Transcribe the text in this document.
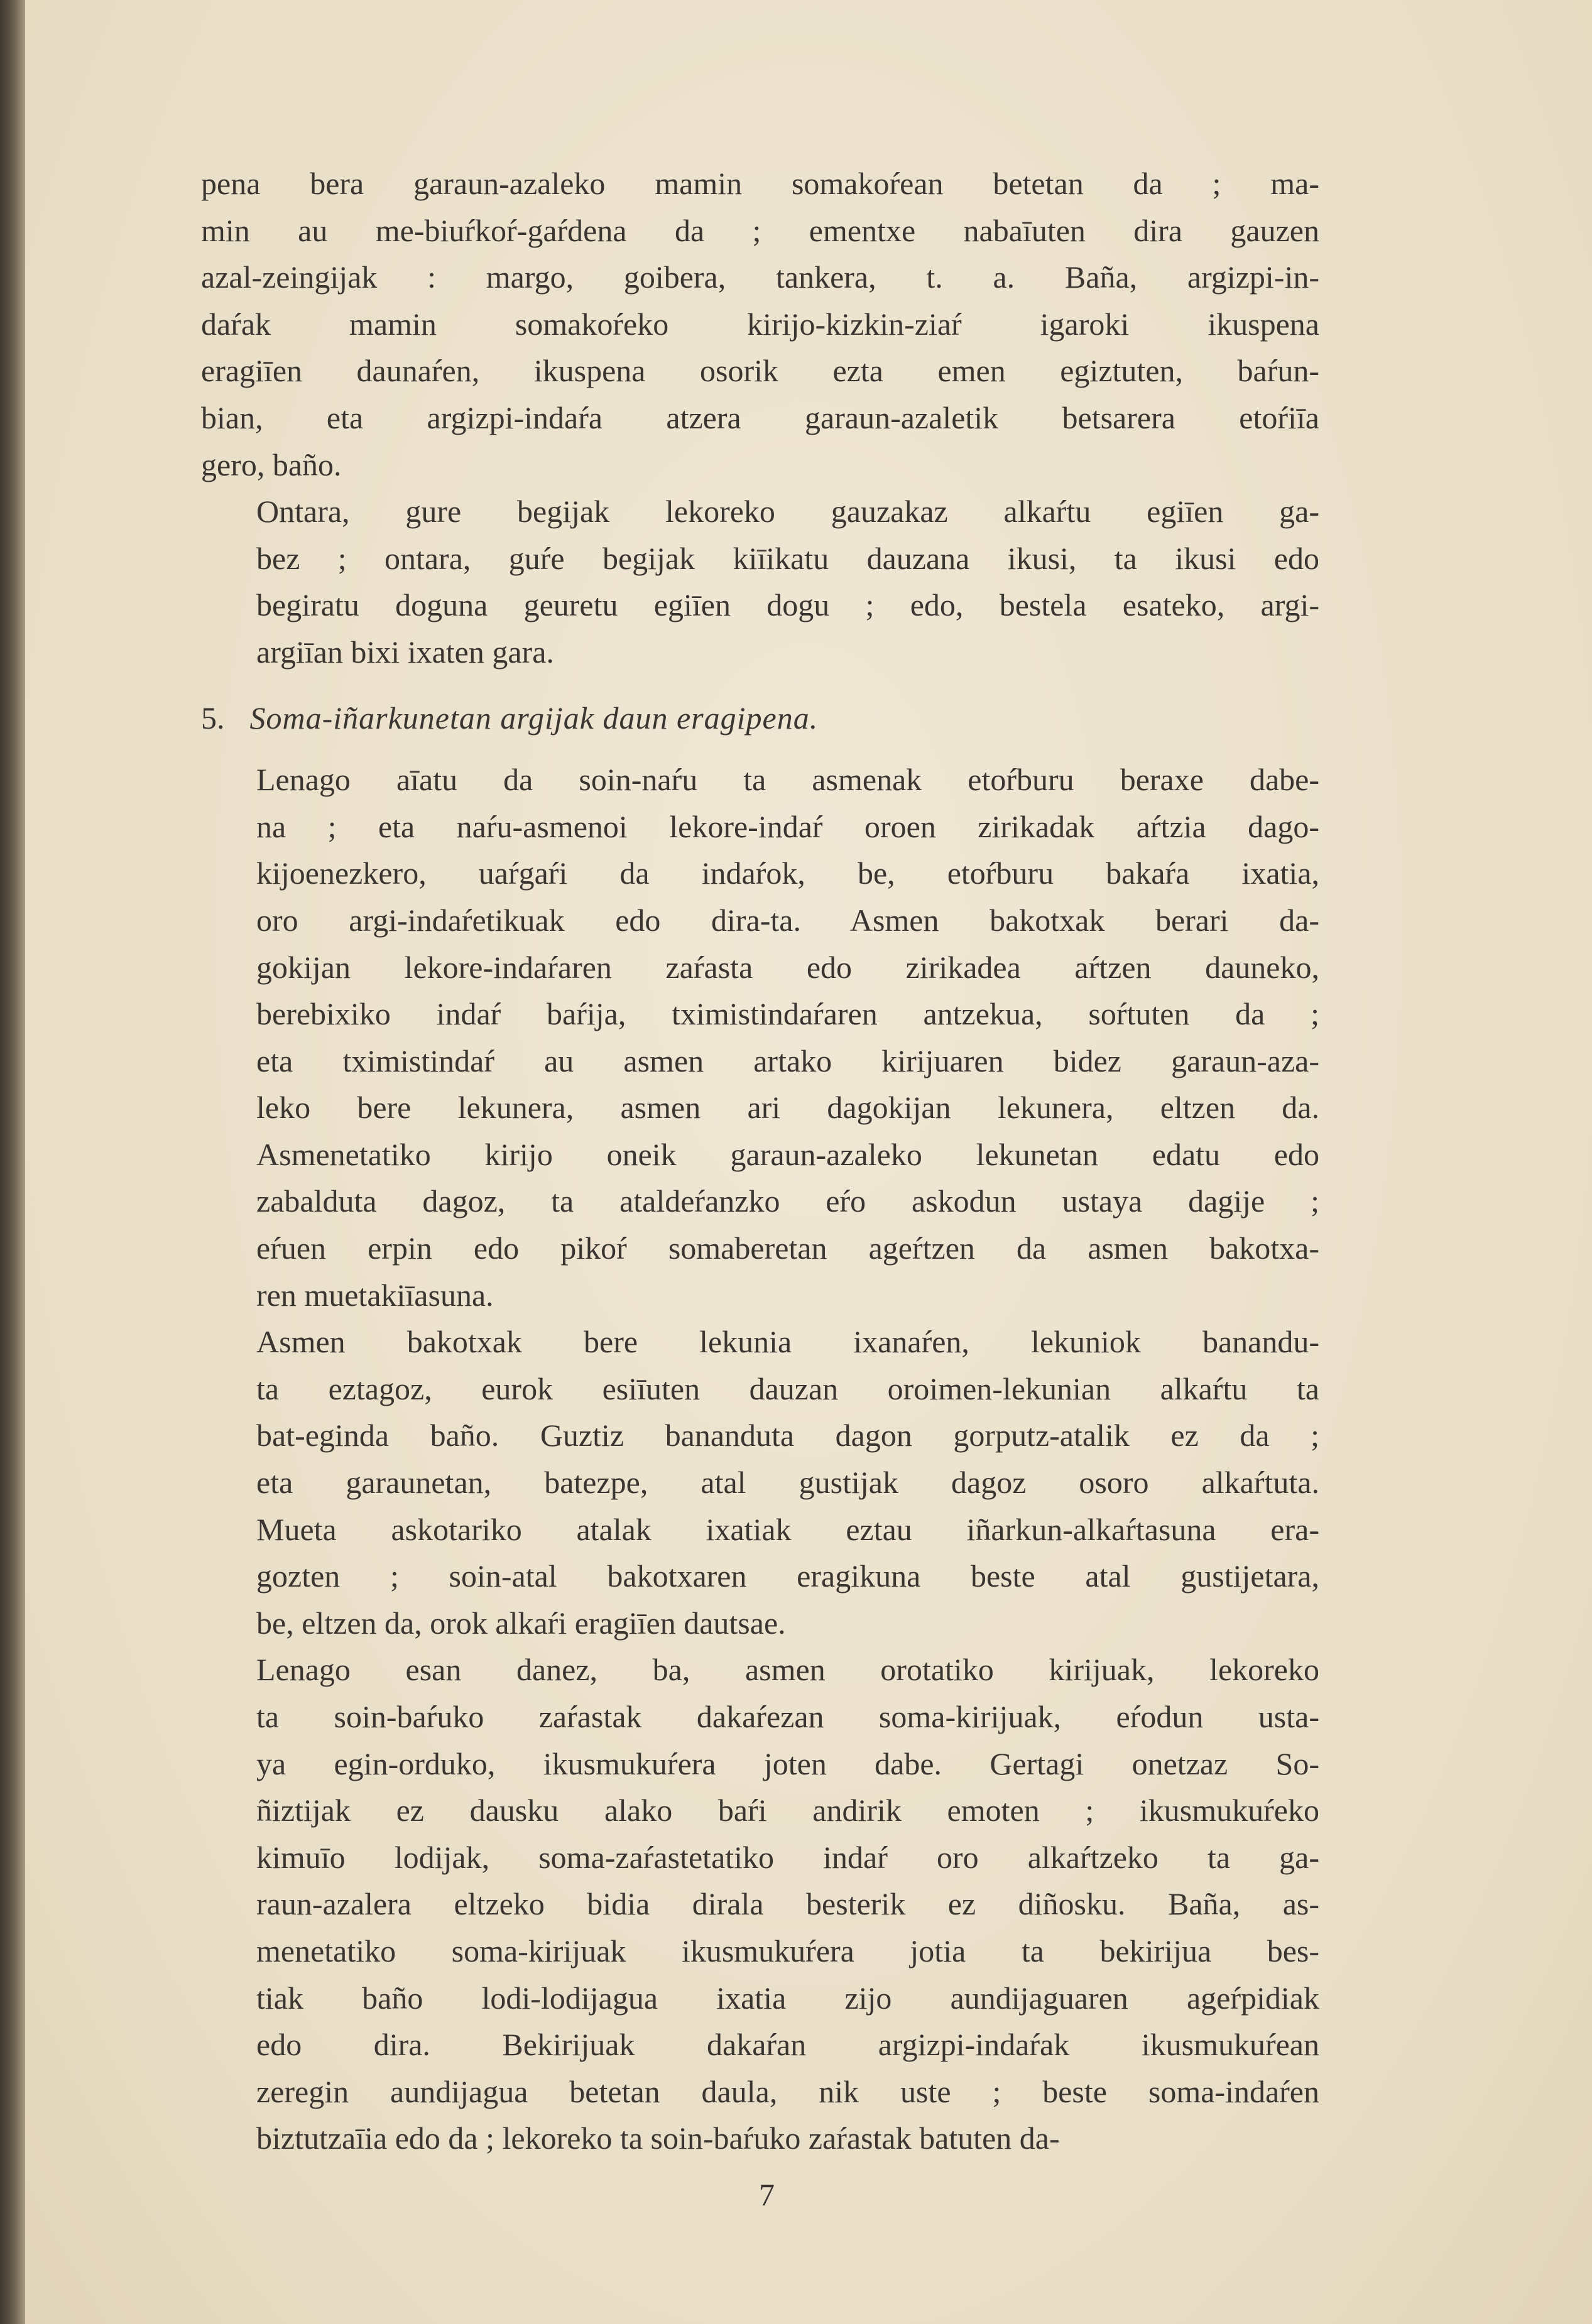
pena bera garaun-azaleko mamin somakoŕean betetan da ; ma-
min au me-biuŕkoŕ-gaŕdena da ; ementxe nabaīuten dira gauzen
azal-zeingijak : margo, goibera, tankera, t. a. Baña, argizpi-in-
daŕak mamin somakoŕeko kirijo-kizkin-ziaŕ igaroki ikuspena
eragiīen daunaŕen, ikuspena osorik ezta emen egiztuten, baŕun-
bian, eta argizpi-indaŕa atzera garaun-azaletik betsarera etoŕiīa
gero, baño.

Ontara, gure begijak lekoreko gauzakaz alkaŕtu egiīen ga-
bez ; ontara, guŕe begijak kiīikatu dauzana ikusi, ta ikusi edo
begiratu doguna geuretu egiīen dogu ; edo, bestela esateko, argi-
argiīan bixi ixaten gara.

5. Soma-iñarkunetan argijak daun eragipena.

Lenago aīatu da soin-naŕu ta asmenak etoŕburu beraxe dabe-
na ; eta naŕu-asmenoi lekore-indaŕ oroen zirikadak aŕtzia dago-
kijoenezkero, uaŕgaŕi da indaŕok, be, etoŕburu bakaŕa ixatia,
oro argi-indaŕetikuak edo dira-ta. Asmen bakotxak berari da-
gokijan lekore-indaŕaren zaŕasta edo zirikadea aŕtzen dauneko,
berebixiko indaŕ baŕija, tximistindaŕaren antzekua, soŕtuten da ;
eta tximistindaŕ au asmen artako kirijuaren bidez garaun-aza-
leko bere lekunera, asmen ari dagokijan lekunera, eltzen da.
Asmenetatiko kirijo oneik garaun-azaleko lekunetan edatu edo
zabalduta dagoz, ta ataldeŕanzko eŕo askodun ustaya dagije ;
eŕuen erpin edo pikoŕ somaberetan ageŕtzen da asmen bakotxa-
ren muetakiīasuna.

Asmen bakotxak bere lekunia ixanaŕen, lekuniok banandu-
ta eztagoz, eurok esiīuten dauzan oroimen-lekunian alkaŕtu ta
bat-eginda baño. Guztiz bananduta dagon gorputz-atalik ez da ;
eta garaunetan, batezpe, atal gustijak dagoz osoro alkaŕtuta.
Mueta askotariko atalak ixatiak eztau iñarkun-alkaŕtasuna era-
gozten ; soin-atal bakotxaren eragikuna beste atal gustijetara,
be, eltzen da, orok alkaŕi eragiīen dautsae.

Lenago esan danez, ba, asmen orotatiko kirijuak, lekoreko
ta soin-baŕuko zaŕastak dakaŕezan soma-kirijuak, eŕodun usta-
ya egin-orduko, ikusmukuŕera joten dabe. Gertagi onetzaz So-
ñiztijak ez dausku alako baŕi andirik emoten ; ikusmukuŕeko
kimuīo lodijak, soma-zaŕastetatiko indaŕ oro alkaŕtzeko ta ga-
raun-azalera eltzeko bidia dirala besterik ez diñosku. Baña, as-
menetatiko soma-kirijuak ikusmukuŕera jotia ta bekirijua bes-
tiak baño lodi-lodijagua ixatia zijo aundijaguaren ageŕpidiak
edo dira. Bekirijuak dakaŕan argizpi-indaŕak ikusmukuŕean
zeregin aundijagua betetan daula, nik uste ; beste soma-indaŕen
biztutzaīia edo da ; lekoreko ta soin-baŕuko zaŕastak batuten da-

7
